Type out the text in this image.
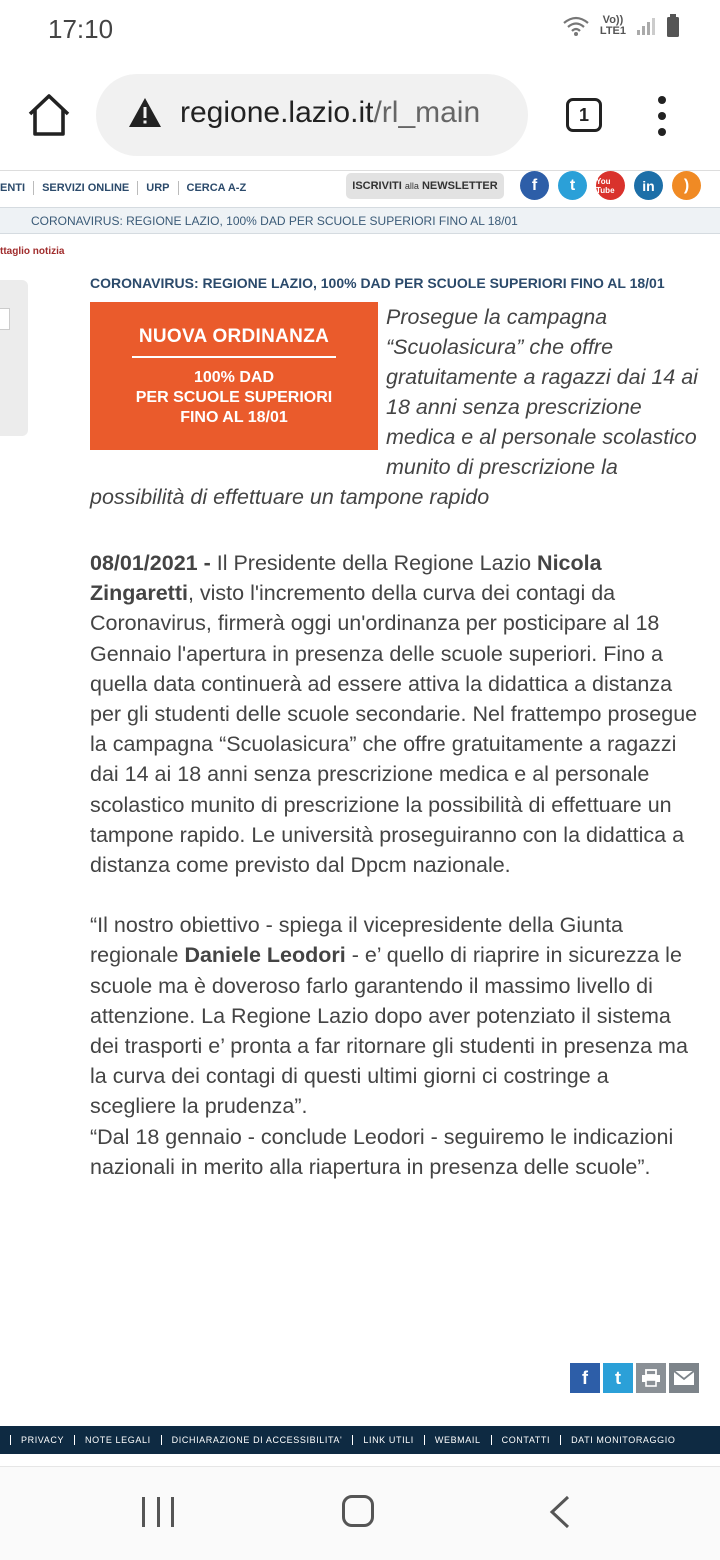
17:10	Vo))
LTE1
regione.lazio.it/rl_main	1
ENTI	SERVIZI ONLINE	URP	CERCA A-Z	ISCRIVITI alla NEWSLETTER	f	t	You Tube	in	)
CORONAVIRUS: REGIONE LAZIO, 100% DAD PER SCUOLE SUPERIORI FINO AL 18/01
ttaglio notizia
CORONAVIRUS: REGIONE LAZIO, 100% DAD PER SCUOLE SUPERIORI FINO AL 18/01
NUOVA ORDINANZA
100% DAD
PER SCUOLE SUPERIORI
FINO AL 18/01

Prosegue la campagna “Scuolasicura” che offre gratuitamente a ragazzi dai 14 ai 18 anni senza prescrizione medica e al personale scolastico munito di prescrizione la possibilità di effettuare un tampone rapido

08/01/2021 - Il Presidente della Regione Lazio Nicola Zingaretti, visto l'incremento della curva dei contagi da Coronavirus, firmerà oggi un'ordinanza per posticipare al 18 Gennaio l'apertura in presenza delle scuole superiori. Fino a quella data continuerà ad essere attiva la didattica a distanza per gli studenti delle scuole secondarie. Nel frattempo prosegue la campagna “Scuolasicura” che offre gratuitamente a ragazzi dai 14 ai 18 anni senza prescrizione medica e al personale scolastico munito di prescrizione la possibilità di effettuare un tampone rapido. Le università proseguiranno con la didattica a distanza come previsto dal Dpcm nazionale.

“Il nostro obiettivo - spiega il vicepresidente della Giunta regionale Daniele Leodori - e’ quello di riaprire in sicurezza le scuole ma è doveroso farlo garantendo il massimo livello di attenzione. La Regione Lazio dopo aver potenziato il sistema dei trasporti e’ pronta a far ritornare gli studenti in presenza ma la curva dei contagi di questi ultimi giorni ci costringe a scegliere la prudenza”.

“Dal 18 gennaio - conclude Leodori - seguiremo le indicazioni nazionali in merito alla riapertura in presenza delle scuole”.

f	t
PRIVACY NOTE LEGALI DICHIARAZIONE DI ACCESSIBILITA' LINK UTILI WEBMAIL CONTATTI DATI MONITORAGGIO
